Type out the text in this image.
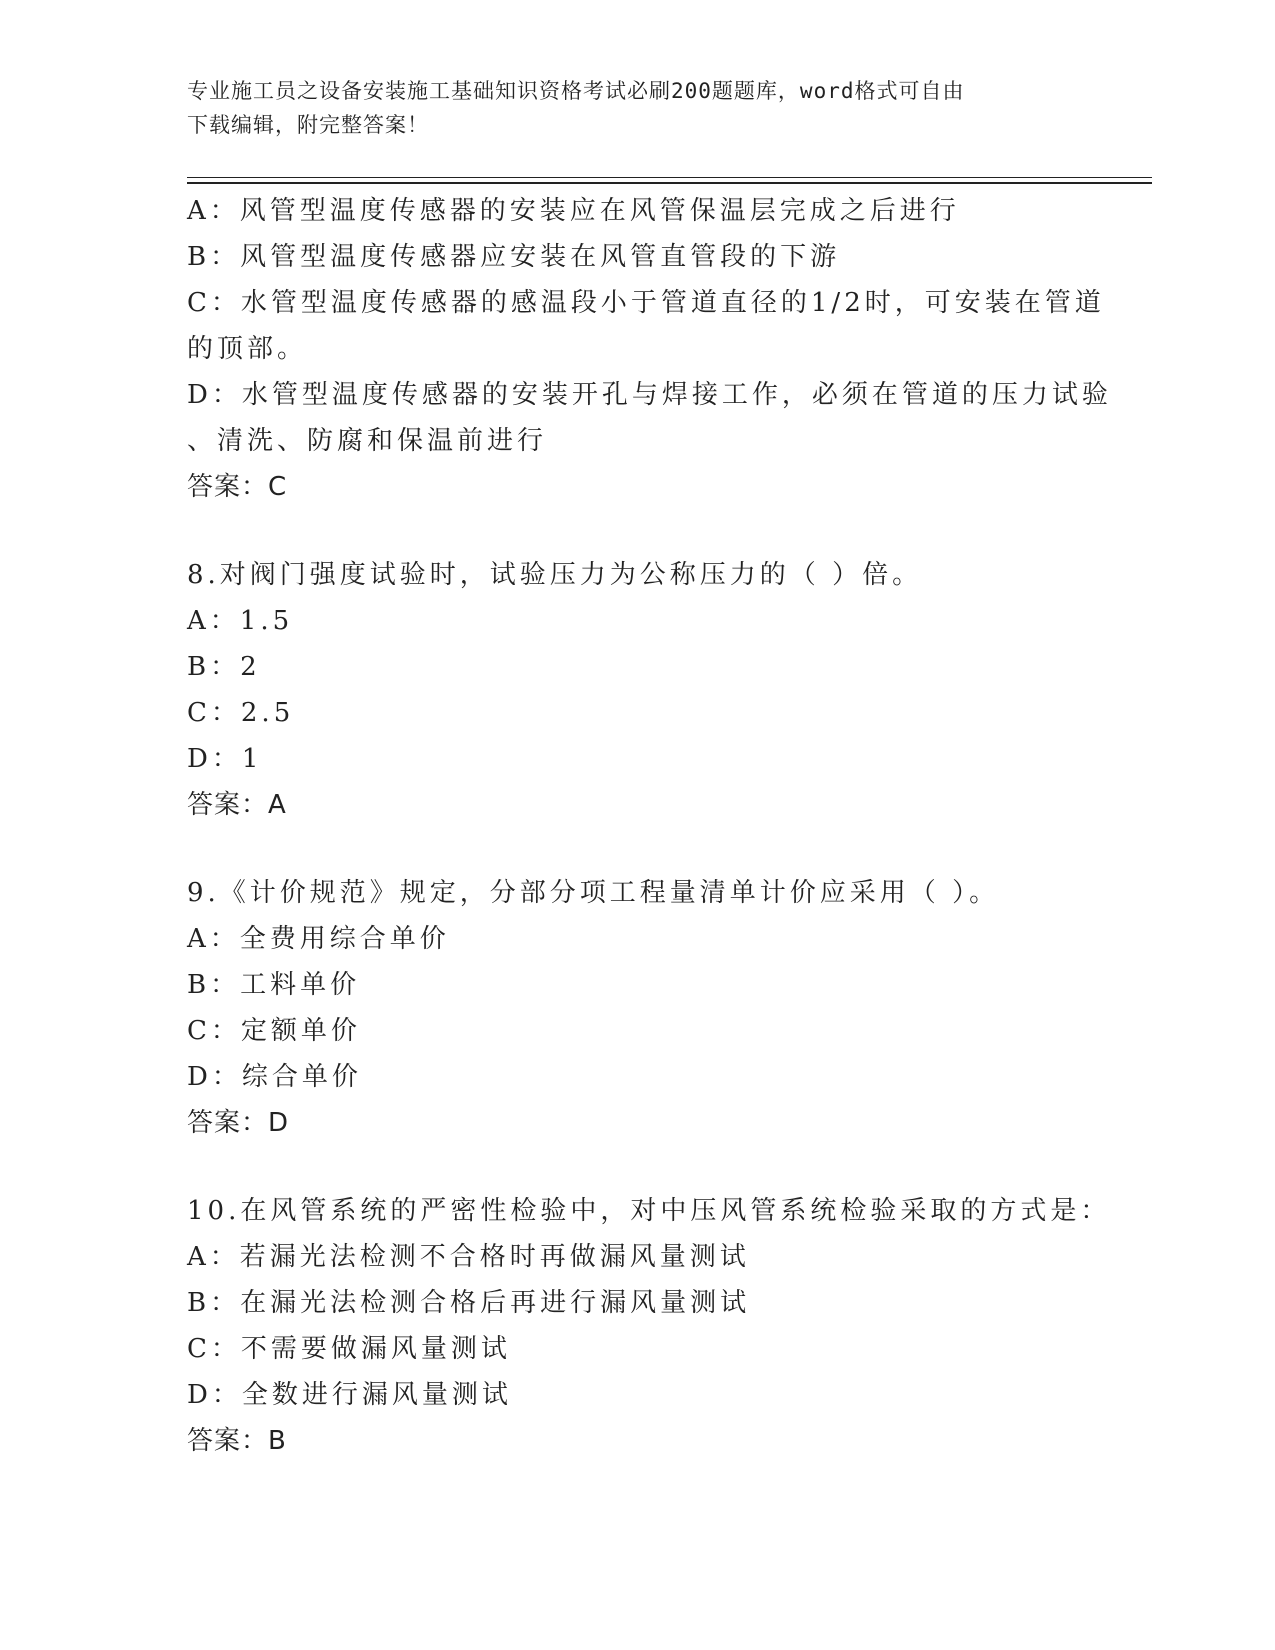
专业施工员之设备安装施工基础知识资格考试必刷200题题库，word格式可自由
下载编辑，附完整答案！
A：风管型温度传感器的安装应在风管保温层完成之后进行
B：风管型温度传感器应安装在风管直管段的下游
C：水管型温度传感器的感温段小于管道直径的1/2时，可安装在管道
的顶部。
D：水管型温度传感器的安装开孔与焊接工作，必须在管道的压力试验
、清洗、防腐和保温前进行
答案：C
8.对阀门强度试验时，试验压力为公称压力的（ ）倍。
A：1.5
B：2
C：2.5
D：1
答案：A
9.《计价规范》规定，分部分项工程量清单计价应采用（ ）。
A：全费用综合单价
B：工料单价
C：定额单价
D：综合单价
答案：D
10.在风管系统的严密性检验中，对中压风管系统检验采取的方式是：
A：若漏光法检测不合格时再做漏风量测试
B：在漏光法检测合格后再进行漏风量测试
C：不需要做漏风量测试
D：全数进行漏风量测试
答案：B
